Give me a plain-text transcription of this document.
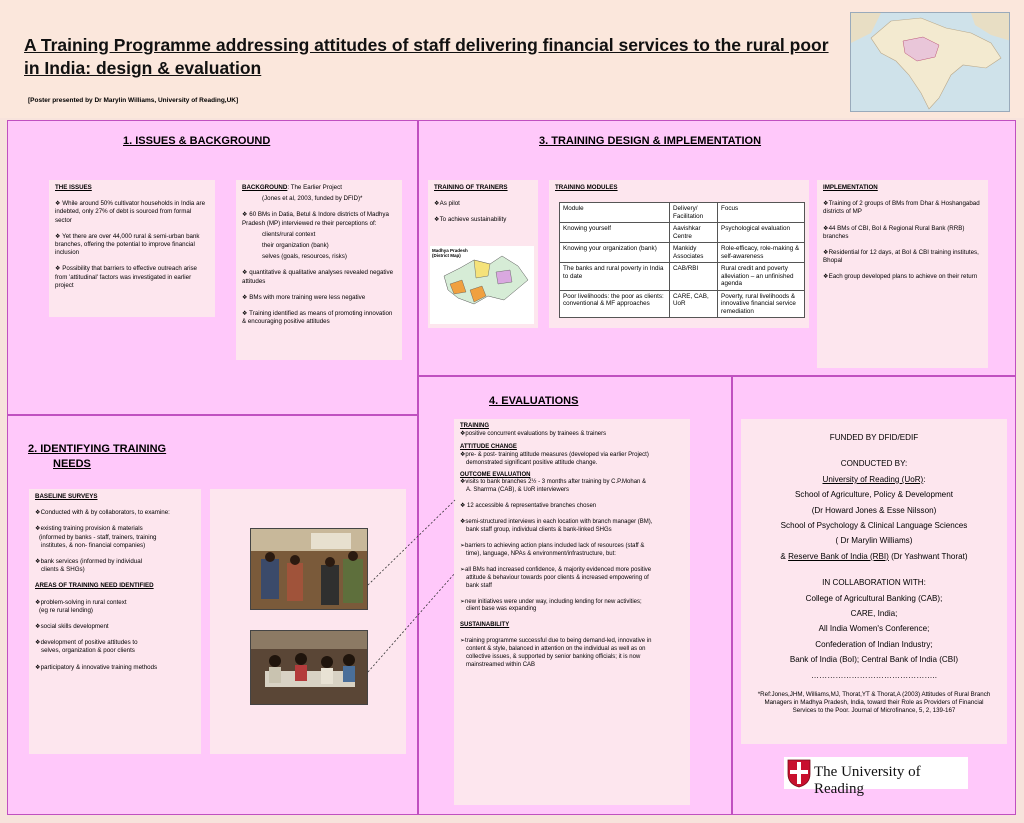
A Training Programme addressing attitudes of staff delivering financial services to the rural poor in India: design & evaluation
[Poster presented by Dr Marylin Williams, University of Reading,UK]
1. ISSUES & BACKGROUND
THE ISSUES

❖ While around 50% cultivator households in India are indebted, only 27% of debt is sourced from formal sector

❖ Yet there are over 44,000 rural & semi-urban bank branches, offering the potential to improve financial inclusion

❖ Possibility that barriers to effective outreach arise from 'attitudinal' factors was investigated in earlier project

BACKGROUND: The Earlier Project

(Jones et al, 2003, funded by DFID)*

❖ 60 BMs in Datia, Betul & Indore districts of Madhya Pradesh (MP) interviewed re their perceptions of:

clients/rural context

their organization (bank)

selves (goals, resources, risks)

❖ quantitative & qualitative analyses revealed negative attitudes

❖ BMs with more training were less negative

❖ Training identified as means of promoting innovation & encouraging positive attitudes

3. TRAINING DESIGN & IMPLEMENTATION
TRAINING OF TRAINERS

❖As pilot

❖To achieve sustainability

Madhya Pradesh (District Map)
TRAINING MODULES
Module	Delivery/ Facilitation	Focus
Knowing yourself	Aavishkar Centre	Psychological evaluation
Knowing your organization (bank)	Mankidy Associates	Role-efficacy, role-making & self-awareness
The banks and rural poverty in India to date	CAB/RBI	Rural credit and poverty alleviation – an unfinished agenda
Poor livelihoods: the poor as clients: conventional & MF approaches	CARE, CAB, UoR	Poverty, rural livelihoods & innovative financial service remediation
IMPLEMENTATION

❖Training of 2 groups of BMs from Dhar & Hoshangabad districts of MP

❖44 BMs of CBI, BoI & Regional Rural Bank (RRB) branches

❖Residential for 12 days, at BoI & CBI training institutes, Bhopal

❖Each group developed plans to achieve on their return

2. IDENTIFYING TRAINING
NEEDS
BASELINE SURVEYS

❖Conducted with & by collaborators, to examine:

❖existing training provision & materials

(informed by banks - staff, trainers, training

institutes, & non- financial companies)

❖bank services (informed by individual

clients & SHGs)

AREAS OF TRAINING NEED IDENTIFIED

❖problem-solving in rural context

(eg re rural lending)

❖social skills development

❖development of positive attitudes to

selves, organization & poor clients

❖participatory & innovative training methods

4. EVALUATIONS
TRAINING

❖positive concurrent evaluations by trainees & trainers

ATTITUDE CHANGE

❖pre- & post- training attitude measures (developed via earlier Project)

demonstrated significant positive attitude change.

OUTCOME EVALUATION

❖visits to bank branches 2½ - 3 months after training by C.P.Mohan &

A. Sharrma (CAB), & UoR interviewers

❖ 12 accessible & representative branches chosen

❖semi-structured interviews in each location with branch manager (BM),

bank staff group, individual clients & bank-linked SHGs

➢barriers to achieving action plans included lack of resources (staff &

time), language, NPAs & environment/infrastructure, but:

➢all BMs had increased confidence, & majority evidenced more positive

attitude & behaviour towards poor clients & increased empowering of

bank staff

➢new initiatives were under way, including lending for new activities;

client base was expanding

SUSTAINABILITY

➢training programme successful due to being demand-led, innovative in

content & style, balanced in attention on the individual as well as on

collective issues, & supported by senior banking officials; it is now

mainstreamed within CAB

FUNDED BY DFID/EDIF
CONDUCTED BY:
University of Reading (UoR):
School of Agriculture, Policy & Development
(Dr Howard Jones & Esse Nilsson)
School of Psychology & Clinical Language Sciences
( Dr Marylin Williams)
& Reserve Bank of India (RBI) (Dr Yashwant Thorat)
IN COLLABORATION WITH:
College of Agricultural Banking (CAB);
CARE, India;
All India Women's Conference;
Confederation of Indian Industry;
Bank of India (BoI); Central Bank of India (CBI)
………………………………………..
*Ref:Jones,JHM, Williams,MJ, Thorat,YT & Thorat,A (2003) Attitudes of Rural Branch Managers in Madhya Pradesh, India, toward their Role as Providers of Financial Services to the Poor. Journal of Microfinance, 5, 2, 139-167
The University of Reading
